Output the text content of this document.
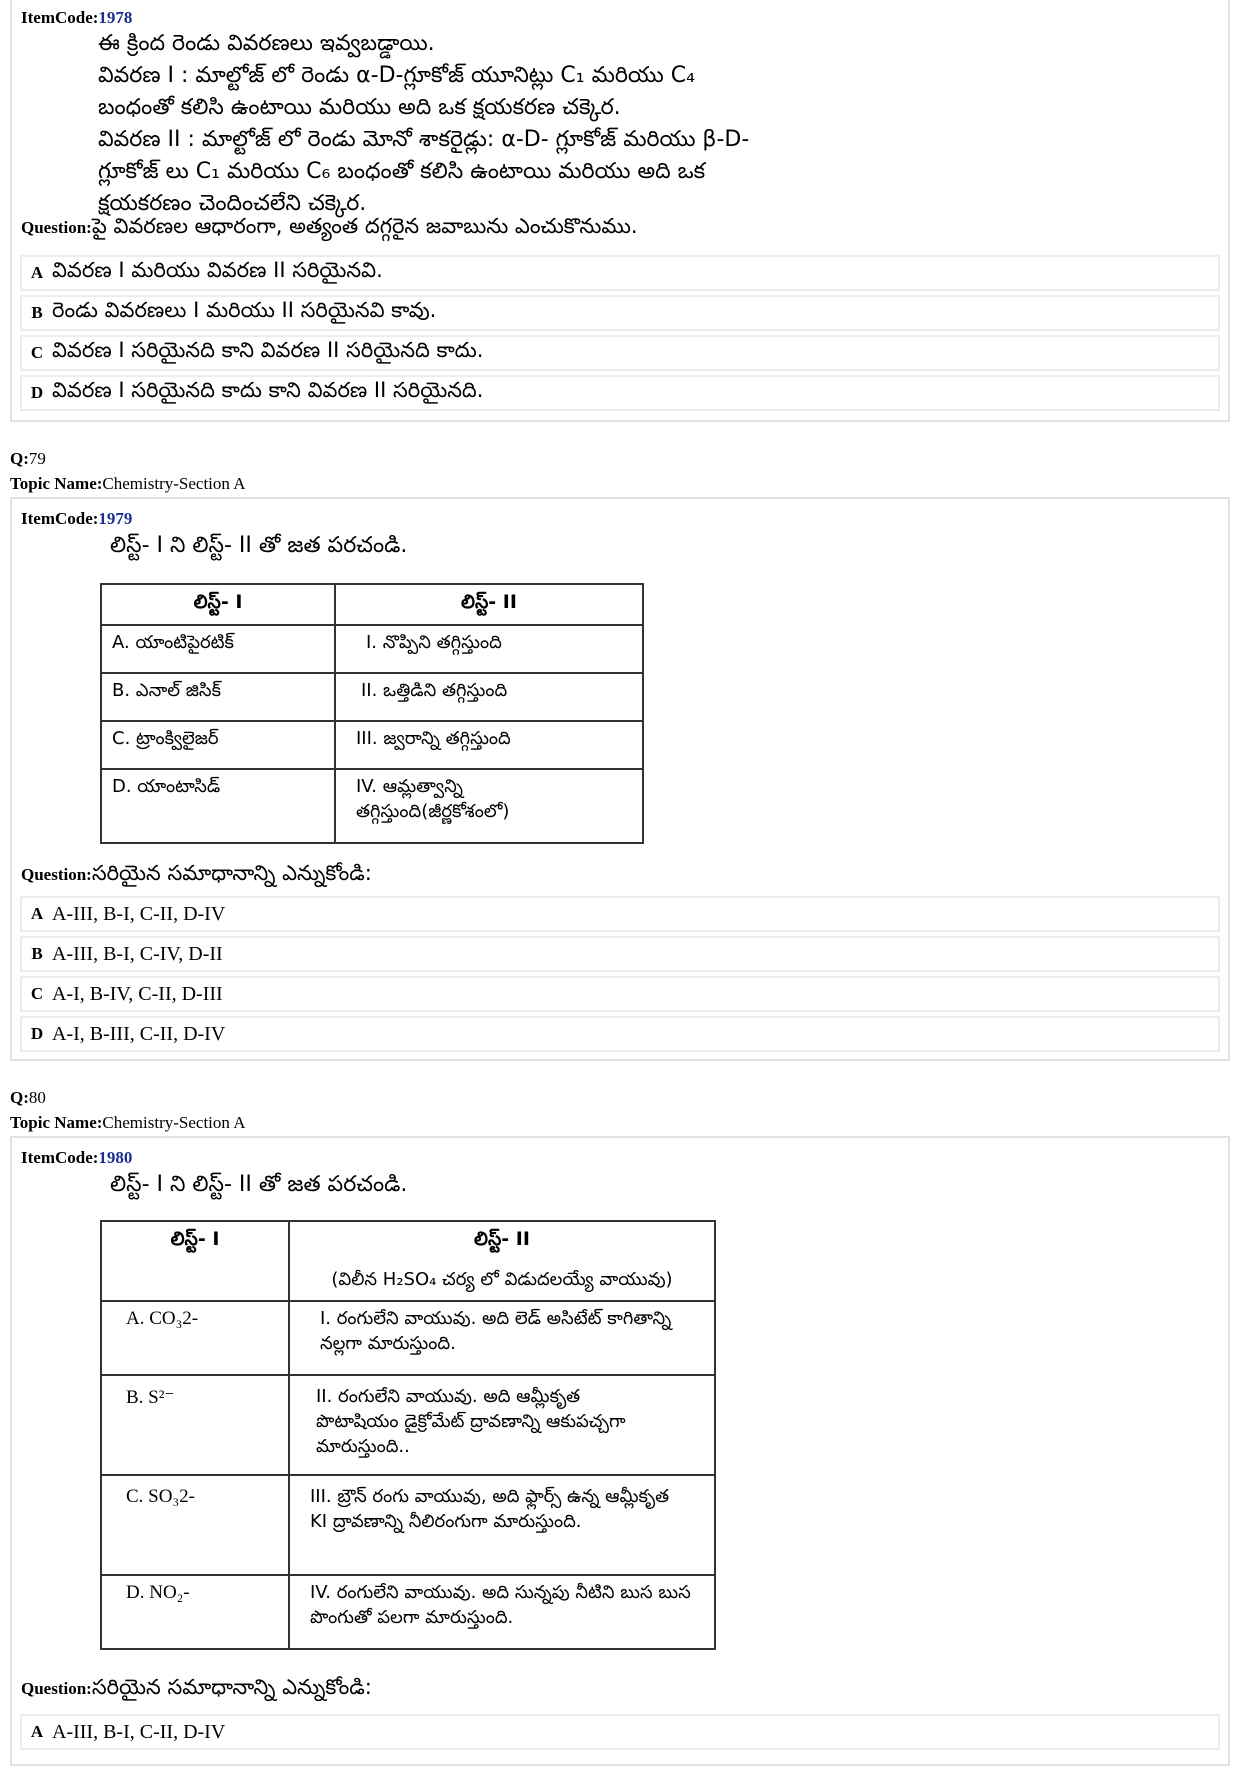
ItemCode:1978
ఈ క్రింద రెండు వివరణలు ఇవ్వబడ్డాయి.
వివరణ I : మాల్టోజ్ లో రెండు α-D-గ్లూకోజ్ యూనిట్లు C₁ మరియు C₄
బంధంతో కలిసి ఉంటాయి మరియు అది ఒక క్షయకరణ చక్కెర.
వివరణ II : మాల్టోజ్ లో రెండు మోనో శాకరైడ్లు: α-D- గ్లూకోజ్ మరియు β-D-
గ్లూకోజ్ లు C₁ మరియు C₆ బంధంతో కలిసి ఉంటాయి మరియు అది ఒక
క్షయకరణం చెందించలేని చక్కెర.
Question:పై వివరణల ఆధారంగా, అత్యంత దగ్గరైన జవాబును ఎంచుకొనుము.
A వివరణ I మరియు వివరణ II సరియైనవి.
B రెండు వివరణలు I మరియు II సరియైనవి కావు.
C వివరణ I సరియైనది కాని వివరణ II సరియైనది కాదు.
D వివరణ I సరియైనది కాదు కాని వివరణ II సరియైనది.
Q:79
Topic Name:Chemistry-Section A
ItemCode:1979
లిస్ట్- I ని లిస్ట్- II తో జత పరచండి.
లిస్ట్- I	లిస్ట్- II
A. యాంటిపైరటిక్	I. నొప్పిని తగ్గిస్తుంది
B. ఎనాల్ జిసిక్	II. ఒత్తిడిని తగ్గిస్తుంది
C. ట్రాంక్విలైజర్	III. జ్వరాన్ని తగ్గిస్తుంది
D. యాంటాసిడ్	IV. ఆమ్లత్వాన్ని తగ్గిస్తుంది(జీర్ణకోశంలో)
Question:సరియైన సమాధానాన్ని ఎన్నుకోండి:
A A-III, B-I, C-II, D-IV
B A-III, B-I, C-IV, D-II
C A-I, B-IV, C-II, D-III
D A-I, B-III, C-II, D-IV
Q:80
Topic Name:Chemistry-Section A
ItemCode:1980
లిస్ట్- I ని లిస్ట్- II తో జత పరచండి.
లిస్ట్- I	లిస్ట్- II
(విలీన H₂SO₄ చర్య లో విడుదలయ్యే వాయువు)

A. CO₃2-	I. రంగులేని వాయువు. అది లెడ్ అసిటేట్ కాగితాన్ని నల్లగా మారుస్తుంది.
B. S²⁻	II. రంగులేని వాయువు. అది ఆమ్లీకృత పొటాషియం డైక్రోమేట్ ద్రావణాన్ని ఆకుపచ్చగా మారుస్తుంది..
C. SO₃2-	III. బ్రౌన్ రంగు వాయువు, అది ఫ్లార్స్ ఉన్న ఆమ్లీకృత KI ద్రావణాన్ని నీలిరంగుగా మారుస్తుంది.
D. NO₂-	IV. రంగులేని వాయువు. అది సున్నపు నీటిని బుస బుస పొంగుతో పలగా మారుస్తుంది.
Question:సరియైన సమాధానాన్ని ఎన్నుకోండి:
A A-III, B-I, C-II, D-IV
